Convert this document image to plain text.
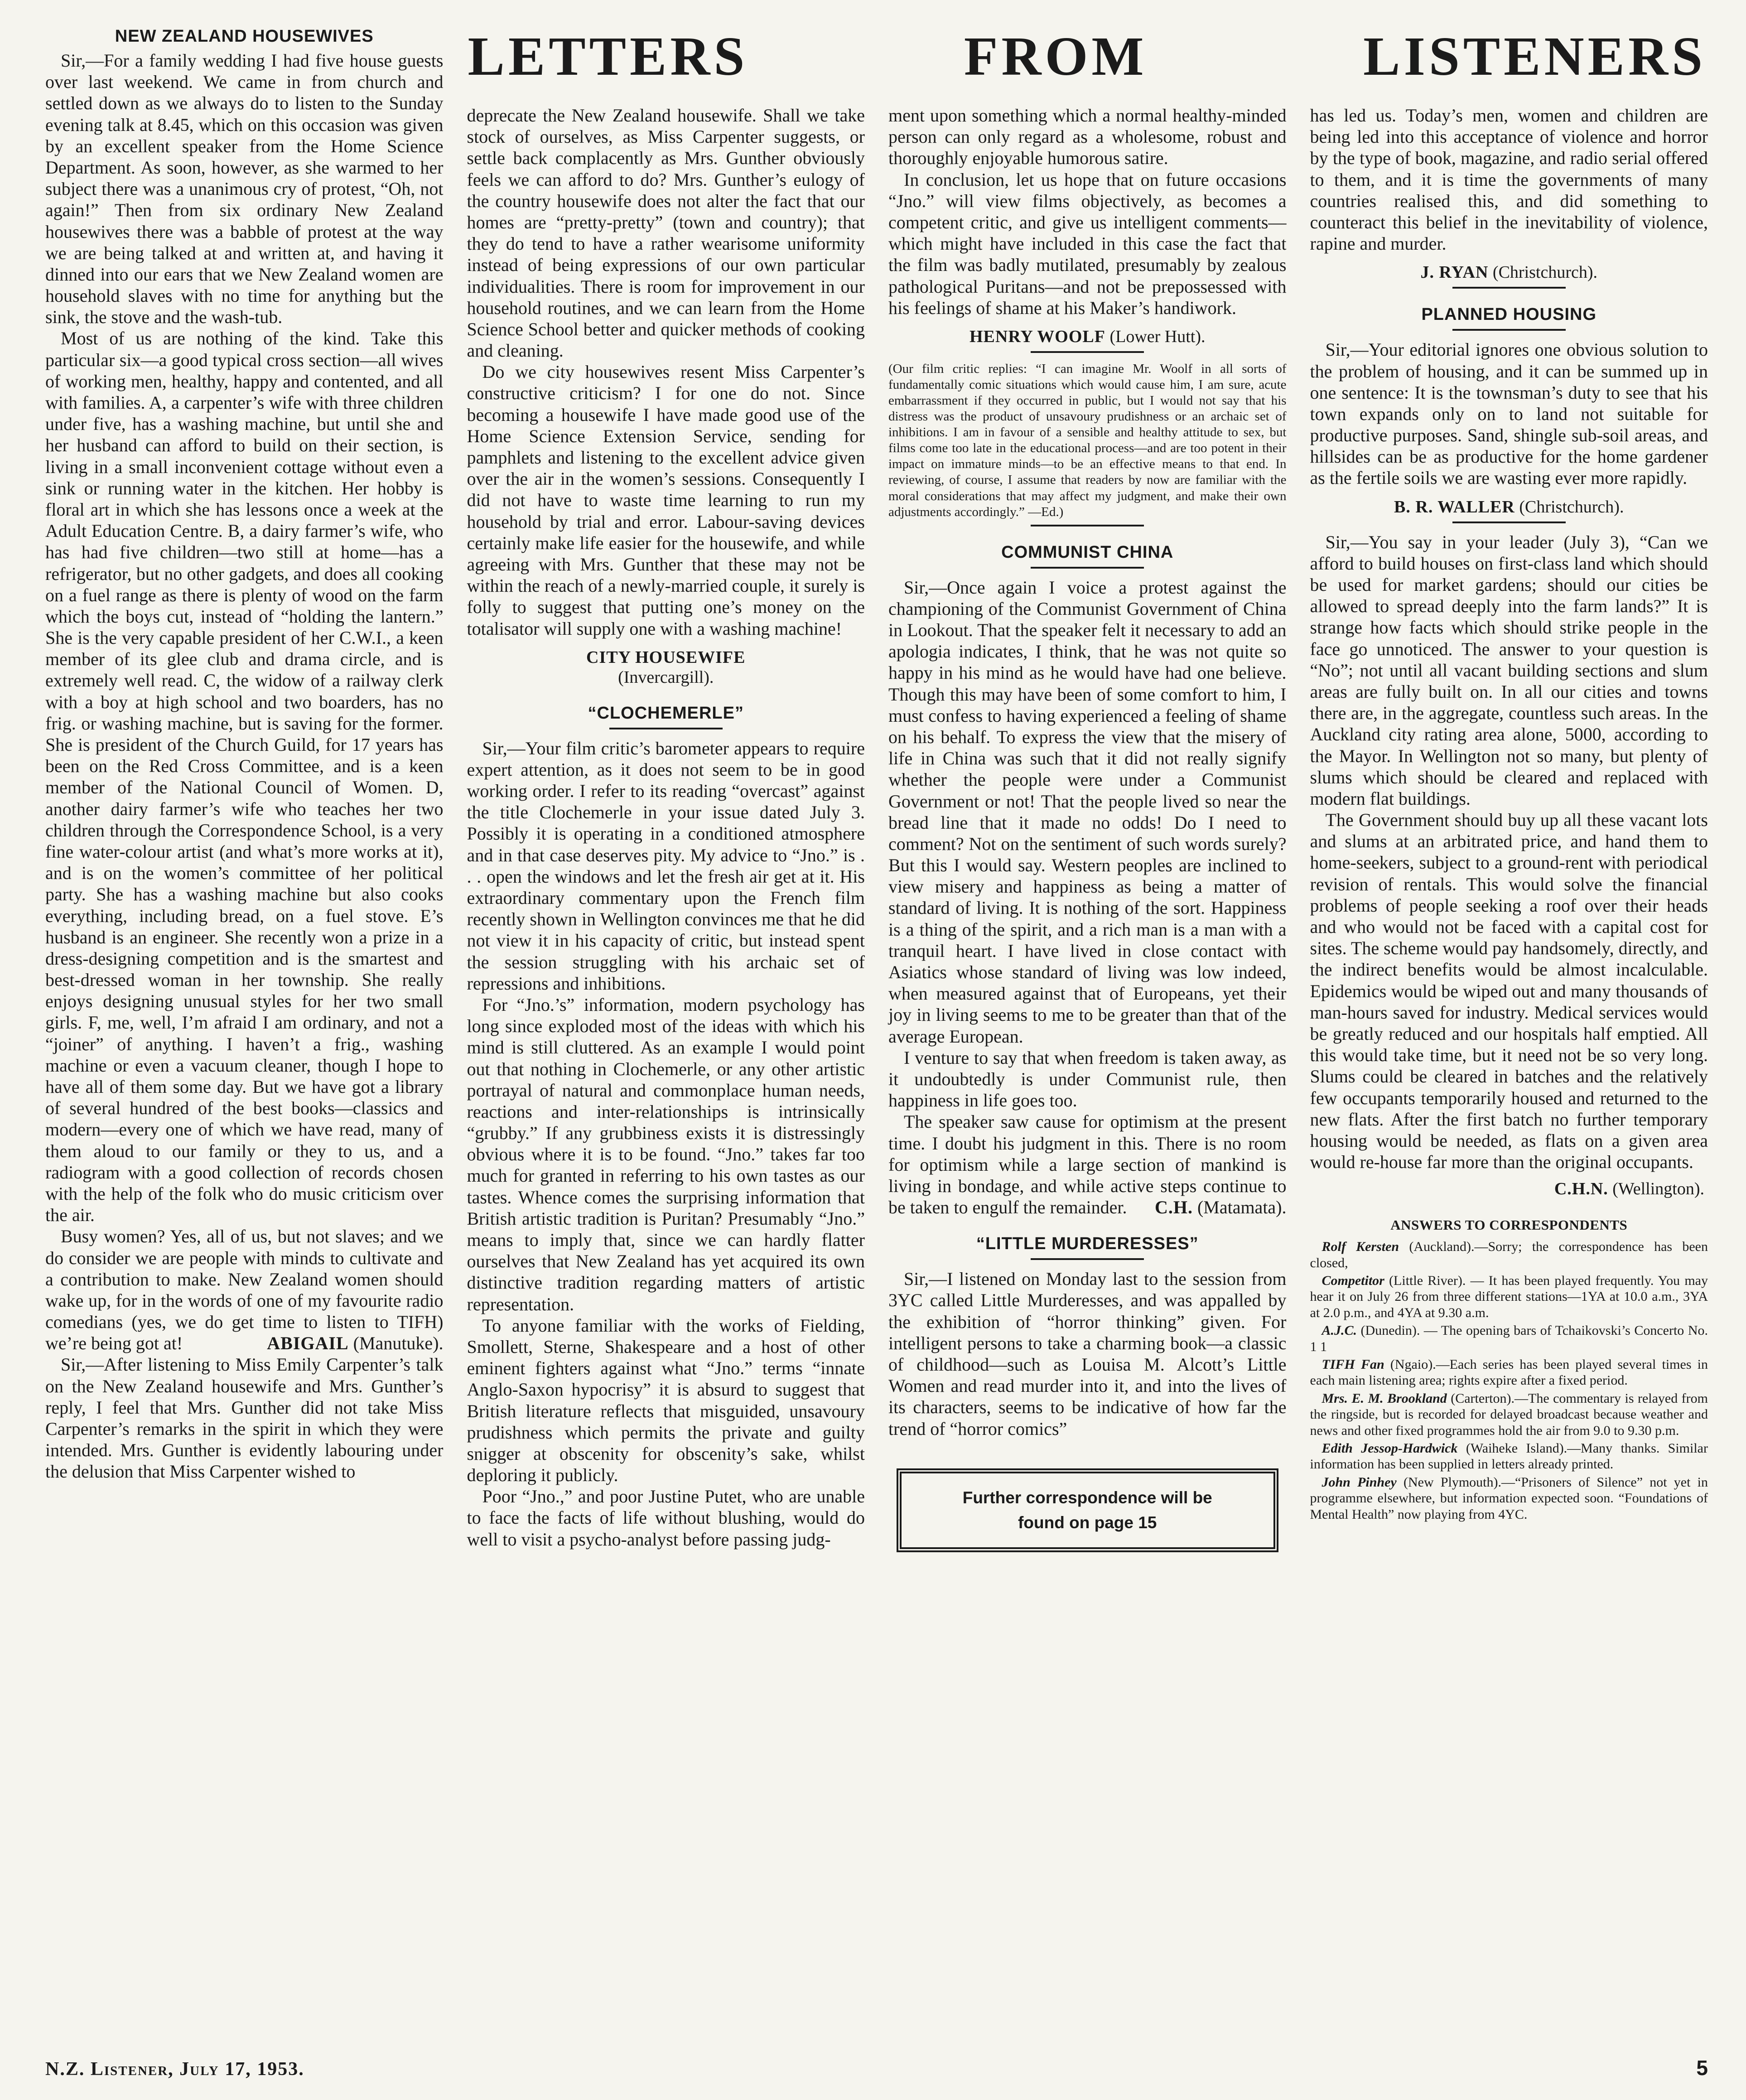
NEW ZEALAND HOUSEWIVES

Sir,—For a family wedding I had five house guests over last weekend. We came in from church and settled down as we always do to listen to the Sunday evening talk at 8.45, which on this occasion was given by an excellent speaker from the Home Science Department. As soon, however, as she warmed to her subject there was a unanimous cry of protest, “Oh, not again!” Then from six ordinary New Zealand housewives there was a babble of protest at the way we are being talked at and written at, and having it dinned into our ears that we New Zealand women are household slaves with no time for anything but the sink, the stove and the wash-tub.

Most of us are nothing of the kind. Take this particular six—a good typical cross section—all wives of working men, healthy, happy and contented, and all with families. A, a carpenter’s wife with three children under five, has a washing machine, but until she and her husband can afford to build on their section, is living in a small inconvenient cottage without even a sink or running water in the kitchen. Her hobby is floral art in which she has lessons once a week at the Adult Education Centre. B, a dairy farmer’s wife, who has had five children—two still at home—has a refrigerator, but no other gadgets, and does all cooking on a fuel range as there is plenty of wood on the farm which the boys cut, instead of “holding the lantern.” She is the very capable president of her C.W.I., a keen member of its glee club and drama circle, and is extremely well read. C, the widow of a railway clerk with a boy at high school and two boarders, has no frig. or washing machine, but is saving for the former. She is president of the Church Guild, for 17 years has been on the Red Cross Committee, and is a keen member of the National Council of Women. D, another dairy farmer’s wife who teaches her two children through the Correspondence School, is a very fine water-colour artist (and what’s more works at it), and is on the women’s committee of her political party. She has a washing machine but also cooks everything, including bread, on a fuel stove. E’s husband is an engineer. She recently won a prize in a dress-designing competition and is the smartest and best-dressed woman in her township. She really enjoys designing unusual styles for her two small girls. F, me, well, I’m afraid I am ordinary, and not a “joiner” of anything. I haven’t a frig., washing machine or even a vacuum cleaner, though I hope to have all of them some day. But we have got a library of several hundred of the best books—classics and modern—every one of which we have read, many of them aloud to our family or they to us, and a radiogram with a good collection of records chosen with the help of the folk who do music criticism over the air.

Busy women? Yes, all of us, but not slaves; and we do consider we are people with minds to cultivate and a contribution to make. New Zealand women should wake up, for in the words of one of my favourite radio comedians (yes, we do get time to listen to TIFH) we’re being got at!	ABIGAIL (Manutuke).

Sir,—After listening to Miss Emily Carpenter’s talk on the New Zealand housewife and Mrs. Gunther’s reply, I feel that Mrs. Gunther did not take Miss Carpenter’s remarks in the spirit in which they were intended. Mrs. Gunther is evidently labouring under the delusion that Miss Carpenter wished to

LETTERS	FROM	LISTENERS

deprecate the New Zealand housewife. Shall we take stock of ourselves, as Miss Carpenter suggests, or settle back complacently as Mrs. Gunther obviously feels we can afford to do? Mrs. Gunther’s eulogy of the country housewife does not alter the fact that our homes are “pretty-pretty” (town and country); that they do tend to have a rather wearisome uniformity instead of being expressions of our own particular individualities. There is room for improvement in our household routines, and we can learn from the Home Science School better and quicker methods of cooking and cleaning.

Do we city housewives resent Miss Carpenter’s constructive criticism? I for one do not. Since becoming a housewife I have made good use of the Home Science Extension Service, sending for pamphlets and listening to the excellent advice given over the air in the women’s sessions. Consequently I did not have to waste time learning to run my household by trial and error. Labour-saving devices certainly make life easier for the housewife, and while agreeing with Mrs. Gunther that these may not be within the reach of a newly-married couple, it surely is folly to suggest that putting one’s money on the totalisator will supply one with a washing machine!

CITY HOUSEWIFE
(Invercargill).
“CLOCHEMERLE”

Sir,—Your film critic’s barometer appears to require expert attention, as it does not seem to be in good working order. I refer to its reading “overcast” against the title Clochemerle in your issue dated July 3. Possibly it is operating in a conditioned atmosphere and in that case deserves pity. My advice to “Jno.” is . . . open the windows and let the fresh air get at it. His extraordinary commentary upon the French film recently shown in Wellington convinces me that he did not view it in his capacity of critic, but instead spent the session struggling with his archaic set of repressions and inhibitions.

For “Jno.’s” information, modern psychology has long since exploded most of the ideas with which his mind is still cluttered. As an example I would point out that nothing in Clochemerle, or any other artistic portrayal of natural and commonplace human needs, reactions and inter-relationships is intrinsically “grubby.” If any grubbiness exists it is distressingly obvious where it is to be found. “Jno.” takes far too much for granted in referring to his own tastes as our tastes. Whence comes the surprising information that British artistic tradition is Puritan? Presumably “Jno.” means to imply that, since we can hardly flatter ourselves that New Zealand has yet acquired its own distinctive tradition regarding matters of artistic representation.

To anyone familiar with the works of Fielding, Smollett, Sterne, Shakespeare and a host of other eminent fighters against what “Jno.” terms “innate Anglo-Saxon hypocrisy” it is absurd to suggest that British literature reflects that misguided, unsavoury prudishness which permits the private and guilty snigger at obscenity for obscenity’s sake, whilst deploring it publicly.

Poor “Jno.,” and poor Justine Putet, who are unable to face the facts of life without blushing, would do well to visit a psycho-analyst before passing judg-

ment upon something which a normal healthy-minded person can only regard as a wholesome, robust and thoroughly enjoyable humorous satire.

In conclusion, let us hope that on future occasions “Jno.” will view films objectively, as becomes a competent critic, and give us intelligent comments—which might have included in this case the fact that the film was badly mutilated, presumably by zealous pathological Puritans—and not be prepossessed with his feelings of shame at his Maker’s handiwork.

HENRY WOOLF (Lower Hutt).

(Our film critic replies: “I can imagine Mr. Woolf in all sorts of fundamentally comic situations which would cause him, I am sure, acute embarrassment if they occurred in public, but I would not say that his distress was the product of unsavoury prudishness or an archaic set of inhibitions. I am in favour of a sensible and healthy attitude to sex, but films come too late in the educational process—and are too potent in their impact on immature minds—to be an effective means to that end. In reviewing, of course, I assume that readers by now are familiar with the moral considerations that may affect my judgment, and make their own adjustments accordingly.” —Ed.)

COMMUNIST CHINA

Sir,—Once again I voice a protest against the championing of the Communist Government of China in Lookout. That the speaker felt it necessary to add an apologia indicates, I think, that he was not quite so happy in his mind as he would have had one believe. Though this may have been of some comfort to him, I must confess to having experienced a feeling of shame on his behalf. To express the view that the misery of life in China was such that it did not really signify whether the people were under a Communist Government or not! That the people lived so near the bread line that it made no odds! Do I need to comment? Not on the sentiment of such words surely? But this I would say. Western peoples are inclined to view misery and happiness as being a matter of standard of living. It is nothing of the sort. Happiness is a thing of the spirit, and a rich man is a man with a tranquil heart. I have lived in close contact with Asiatics whose standard of living was low indeed, when measured against that of Europeans, yet their joy in living seems to me to be greater than that of the average European.

I venture to say that when freedom is taken away, as it undoubtedly is under Communist rule, then happiness in life goes too.

The speaker saw cause for optimism at the present time. I doubt his judgment in this. There is no room for optimism while a large section of mankind is living in bondage, and while active steps continue to be taken to engulf the remainder.	C.H. (Matamata).

“LITTLE MURDERESSES”

Sir,—I listened on Monday last to the session from 3YC called Little Murderesses, and was appalled by the exhibition of “horror thinking” given. For intelligent persons to take a charming book—a classic of childhood—such as Louisa M. Alcott’s Little Women and read murder into it, and into the lives of its characters, seems to be indicative of how far the trend of “horror comics”

Further correspondence will be
found on page 15

has led us. Today’s men, women and children are being led into this acceptance of violence and horror by the type of book, magazine, and radio serial offered to them, and it is time the governments of many countries realised this, and did something to counteract this belief in the inevitability of violence, rapine and murder.

J. RYAN (Christchurch).
PLANNED HOUSING

Sir,—Your editorial ignores one obvious solution to the problem of housing, and it can be summed up in one sentence: It is the townsman’s duty to see that his town expands only on to land not suitable for productive purposes. Sand, shingle sub-soil areas, and hillsides can be as productive for the home gardener as the fertile soils we are wasting ever more rapidly.

B. R. WALLER (Christchurch).

Sir,—You say in your leader (July 3), “Can we afford to build houses on first-class land which should be used for market gardens; should our cities be allowed to spread deeply into the farm lands?” It is strange how facts which should strike people in the face go unnoticed. The answer to your question is “No”; not until all vacant building sections and slum areas are fully built on. In all our cities and towns there are, in the aggregate, countless such areas. In the Auckland city rating area alone, 5000, according to the Mayor. In Wellington not so many, but plenty of slums which should be cleared and replaced with modern flat buildings.

The Government should buy up all these vacant lots and slums at an arbitrated price, and hand them to home-seekers, subject to a ground-rent with periodical revision of rentals. This would solve the financial problems of people seeking a roof over their heads and who would not be faced with a capital cost for sites. The scheme would pay handsomely, directly, and the indirect benefits would be almost incalculable. Epidemics would be wiped out and many thousands of man-hours saved for industry. Medical services would be greatly reduced and our hospitals half emptied. All this would take time, but it need not be so very long. Slums could be cleared in batches and the relatively few occupants temporarily housed and returned to the new flats. After the first batch no further temporary housing would be needed, as flats on a given area would re-house far more than the original occupants.

C.H.N. (Wellington).
ANSWERS TO CORRESPONDENTS

Rolf Kersten (Auckland).—Sorry; the correspondence has been closed,

Competitor (Little River). — It has been played frequently. You may hear it on July 26 from three different stations—1YA at 10.0 a.m., 3YA at 2.0 p.m., and 4YA at 9.30 a.m.

A.J.C. (Dunedin). — The opening bars of Tchaikovski’s Concerto No. 1 1

TIFH Fan (Ngaio).—Each series has been played several times in each main listening area; rights expire after a fixed period.

Mrs. E. M. Brookland (Carterton).—The commentary is relayed from the ringside, but is recorded for delayed broadcast because weather and news and other fixed programmes hold the air from 9.0 to 9.30 p.m.

Edith Jessop-Hardwick (Waiheke Island).—Many thanks. Similar information has been supplied in letters already printed.

John Pinhey (New Plymouth).—“Prisoners of Silence” not yet in programme elsewhere, but information expected soon. “Foundations of Mental Health” now playing from 4YC.

N.Z. Listener, July 17, 1953.	5
